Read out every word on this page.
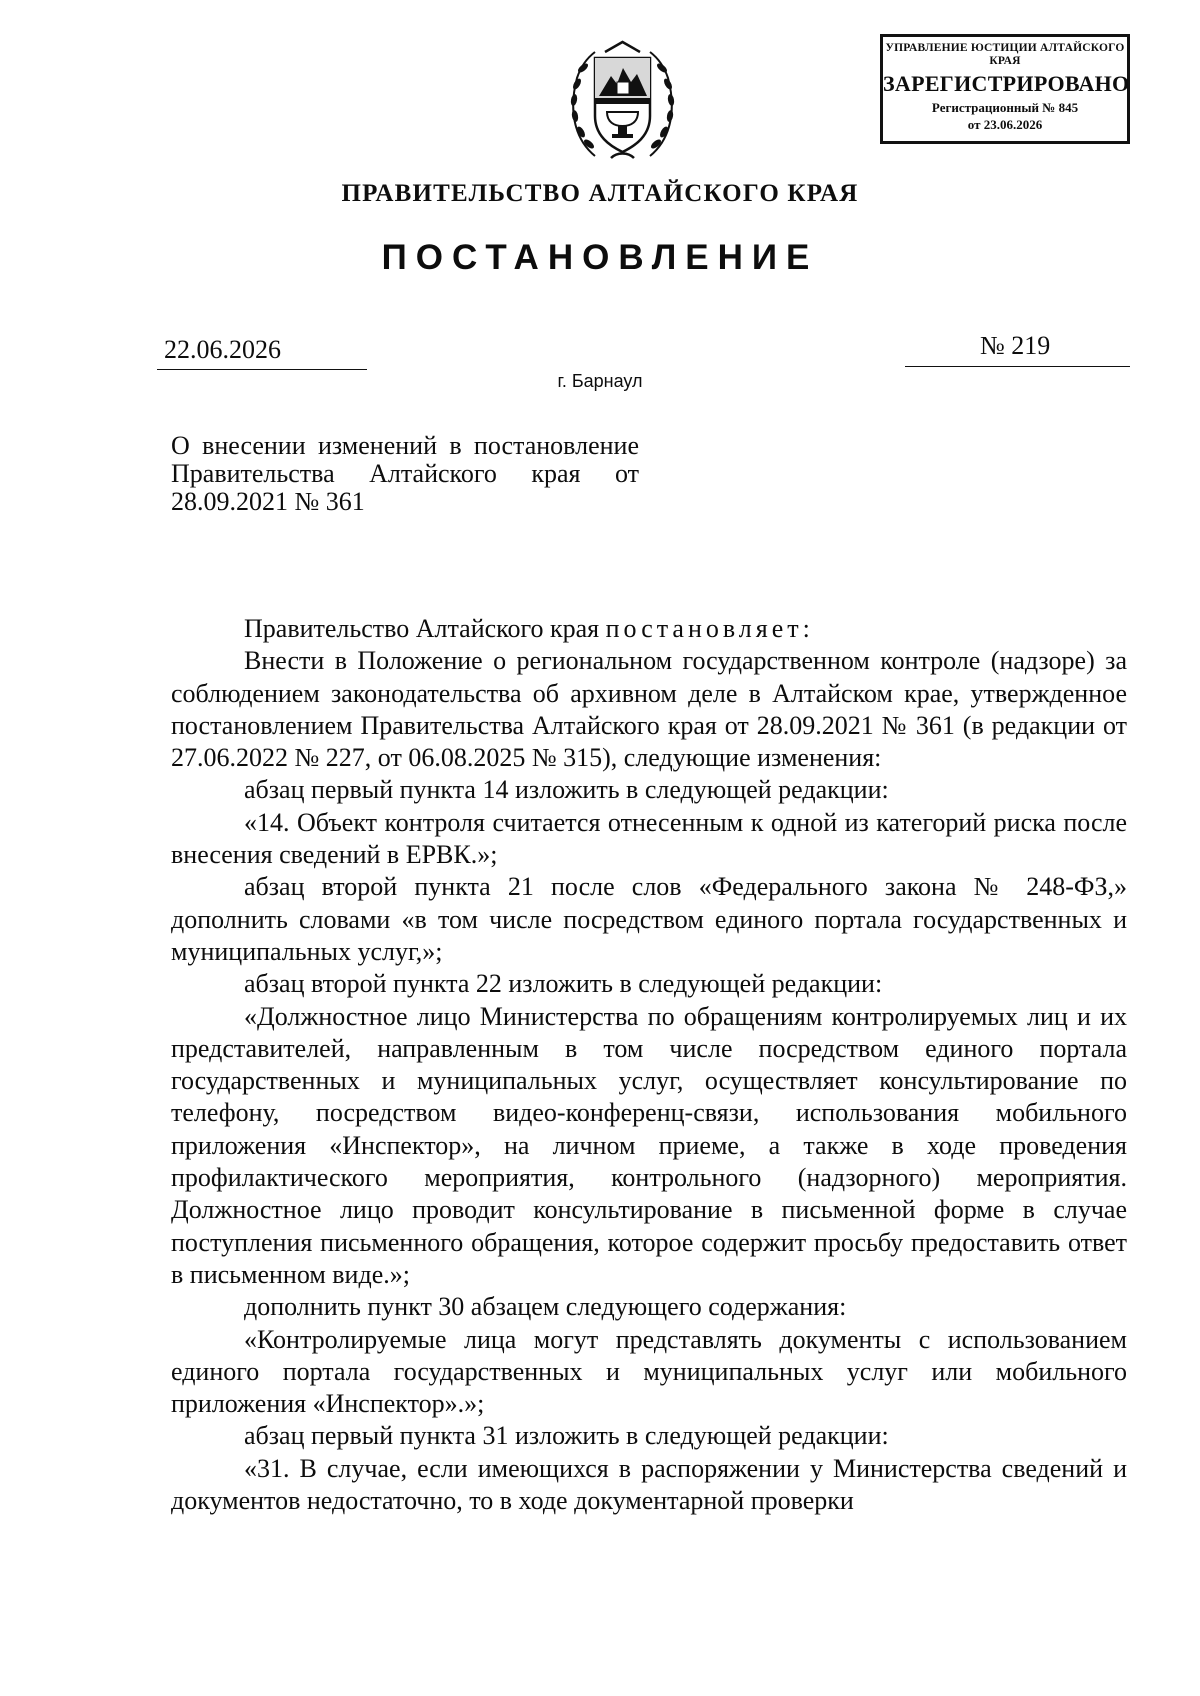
УПРАВЛЕНИЕ ЮСТИЦИИ АЛТАЙСКОГО КРАЯ
ЗАРЕГИСТРИРОВАНО
Регистрационный № 845
от 23.06.2026
ПРАВИТЕЛЬСТВО АЛТАЙСКОГО КРАЯ
ПОСТАНОВЛЕНИЕ
22.06.2026	№ 219
г. Барнаул
О внесении изменений в постановление Правительства Алтайского края от 28.09.2021 № 361

Правительство Алтайского края постановляет:

Внести в Положение о региональном государственном контроле (надзоре) за соблюдением законодательства об архивном деле в Алтайском крае, утвержденное постановлением Правительства Алтайского края от 28.09.2021 № 361 (в редакции от 27.06.2022 № 227, от 06.08.2025 № 315), следующие изменения:

абзац первый пункта 14 изложить в следующей редакции:

«14. Объект контроля считается отнесенным к одной из категорий риска после внесения сведений в ЕРВК.»;

абзац второй пункта 21 после слов «Федерального закона № 248-ФЗ,» дополнить словами «в том числе посредством единого портала государственных и муниципальных услуг,»;

абзац второй пункта 22 изложить в следующей редакции:

«Должностное лицо Министерства по обращениям контролируемых лиц и их представителей, направленным в том числе посредством единого портала государственных и муниципальных услуг, осуществляет консультирование по телефону, посредством видео-конференц-связи, использования мобильного приложения «Инспектор», на личном приеме, а также в ходе проведения профилактического мероприятия, контрольного (надзорного) мероприятия. Должностное лицо проводит консультирование в письменной форме в случае поступления письменного обращения, которое содержит просьбу предоставить ответ в письменном виде.»;

дополнить пункт 30 абзацем следующего содержания:

«Контролируемые лица могут представлять документы с использованием единого портала государственных и муниципальных услуг или мобильного приложения «Инспектор».»;

абзац первый пункта 31 изложить в следующей редакции:

«31. В случае, если имеющихся в распоряжении у Министерства сведений и документов недостаточно, то в ходе документарной проверки
